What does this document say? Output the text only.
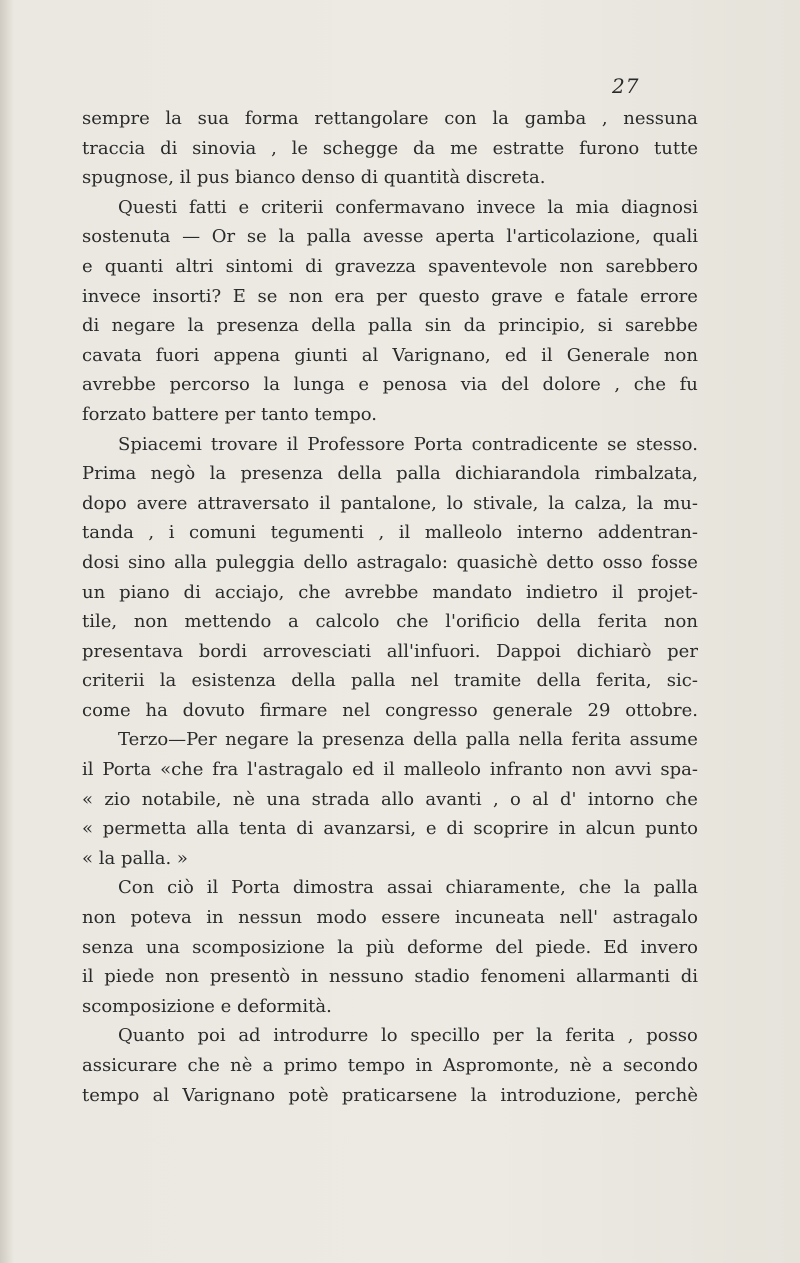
27
sempre la sua forma rettangolare con la gamba , nessuna
traccia di sinovia , le schegge da me estratte furono tutte
spugnose, il pus bianco denso di quantità discreta.
Questi fatti e criterii confermavano invece la mia diagnosi
sostenuta — Or se la palla avesse aperta l'articolazione, quali
e quanti altri sintomi di gravezza spaventevole non sarebbero
invece insorti? E se non era per questo grave e fatale errore
di negare la presenza della palla sin da principio, si sarebbe
cavata fuori appena giunti al Varignano, ed il Generale non
avrebbe percorso la lunga e penosa via del dolore , che fu
forzato battere per tanto tempo.
Spiacemi trovare il Professore Porta contradicente se stesso.
Prima negò la presenza della palla dichiarandola rimbalzata,
dopo avere attraversato il pantalone, lo stivale, la calza, la mu-
tanda , i comuni tegumenti , il malleolo interno addentran-
dosi sino alla puleggia dello astragalo: quasichè detto osso fosse
un piano di acciajo, che avrebbe mandato indietro il projet-
tile, non mettendo a calcolo che l'orificio della ferita non
presentava bordi arrovesciati all'infuori. Dappoi dichiarò per
criterii la esistenza della palla nel tramite della ferita, sic-
come ha dovuto firmare nel congresso generale 29 ottobre.
Terzo—Per negare la presenza della palla nella ferita assume
il Porta «che fra l'astragalo ed il malleolo infranto non avvi spa-
« zio notabile, nè una strada allo avanti , o al d' intorno che
« permetta alla tenta di avanzarsi, e di scoprire in alcun punto
« la palla. »
Con ciò il Porta dimostra assai chiaramente, che la palla
non poteva in nessun modo essere incuneata nell' astragalo
senza una scomposizione la più deforme del piede. Ed invero
il piede non presentò in nessuno stadio fenomeni allarmanti di
scomposizione e deformità.
Quanto poi ad introdurre lo specillo per la ferita , posso
assicurare che nè a primo tempo in Aspromonte, nè a secondo
tempo al Varignano potè praticarsene la introduzione, perchè
